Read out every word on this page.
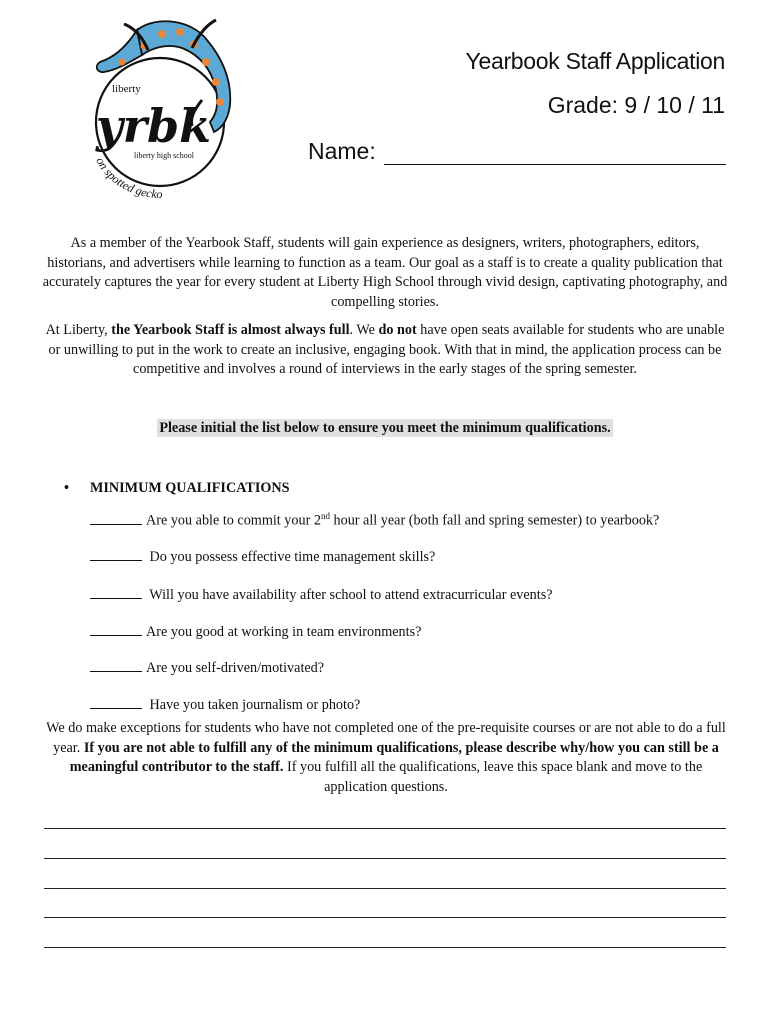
liberty
yrbk
liberty high school
on spotted gecko
Yearbook Staff Application
Grade: 9 / 10 / 11
Name:
As a member of the Yearbook Staff, students will gain experience as designers, writers, photographers, editors, historians, and advertisers while learning to function as a team. Our goal as a staff is to create a quality publication that accurately captures the year for every student at Liberty High School through vivid design, captivating photography, and compelling stories.
At Liberty, the Yearbook Staff is almost always full. We do not have open seats available for students who are unable or unwilling to put in the work to create an inclusive, engaging book. With that in mind, the application process can be competitive and involves a round of interviews in the early stages of the spring semester.
Please initial the list below to ensure you meet the minimum qualifications.
• MINIMUM QUALIFICATIONS
Are you able to commit your 2nd hour all year (both fall and spring semester) to yearbook?
Do you possess effective time management skills?
Will you have availability after school to attend extracurricular events?
Are you good at working in team environments?
Are you self-driven/motivated?
Have you taken journalism or photo?
We do make exceptions for students who have not completed one of the pre-requisite courses or are not able to do a full year. If you are not able to fulfill any of the minimum qualifications, please describe why/how you can still be a meaningful contributor to the staff. If you fulfill all the qualifications, leave this space blank and move to the application questions.
